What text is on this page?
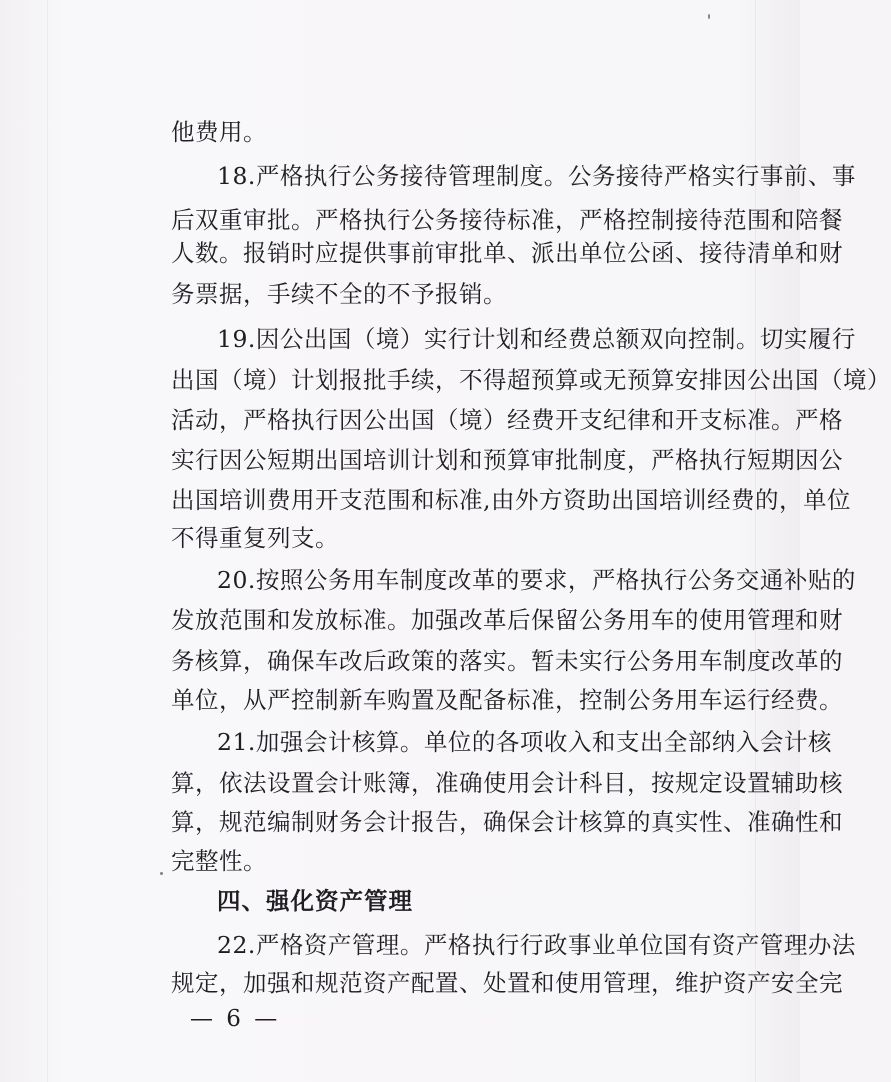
他费用。
18.严格执行公务接待管理制度。公务接待严格实行事前、事
后双重审批。严格执行公务接待标准，严格控制接待范围和陪餐
人数。报销时应提供事前审批单、派出单位公函、接待清单和财
务票据，手续不全的不予报销。
19.因公出国（境）实行计划和经费总额双向控制。切实履行
出国（境）计划报批手续，不得超预算或无预算安排因公出国（境）
活动，严格执行因公出国（境）经费开支纪律和开支标准。严格
实行因公短期出国培训计划和预算审批制度，严格执行短期因公
出国培训费用开支范围和标准,由外方资助出国培训经费的，单位
不得重复列支。
20.按照公务用车制度改革的要求，严格执行公务交通补贴的
发放范围和发放标准。加强改革后保留公务用车的使用管理和财
务核算，确保车改后政策的落实。暂未实行公务用车制度改革的
单位，从严控制新车购置及配备标准，控制公务用车运行经费。
21.加强会计核算。单位的各项收入和支出全部纳入会计核
算，依法设置会计账簿，准确使用会计科目，按规定设置辅助核
算，规范编制财务会计报告，确保会计核算的真实性、准确性和
完整性。
四、强化资产管理
22.严格资产管理。严格执行行政事业单位国有资产管理办法
规定，加强和规范资产配置、处置和使用管理，维护资产安全完
— 6 —
